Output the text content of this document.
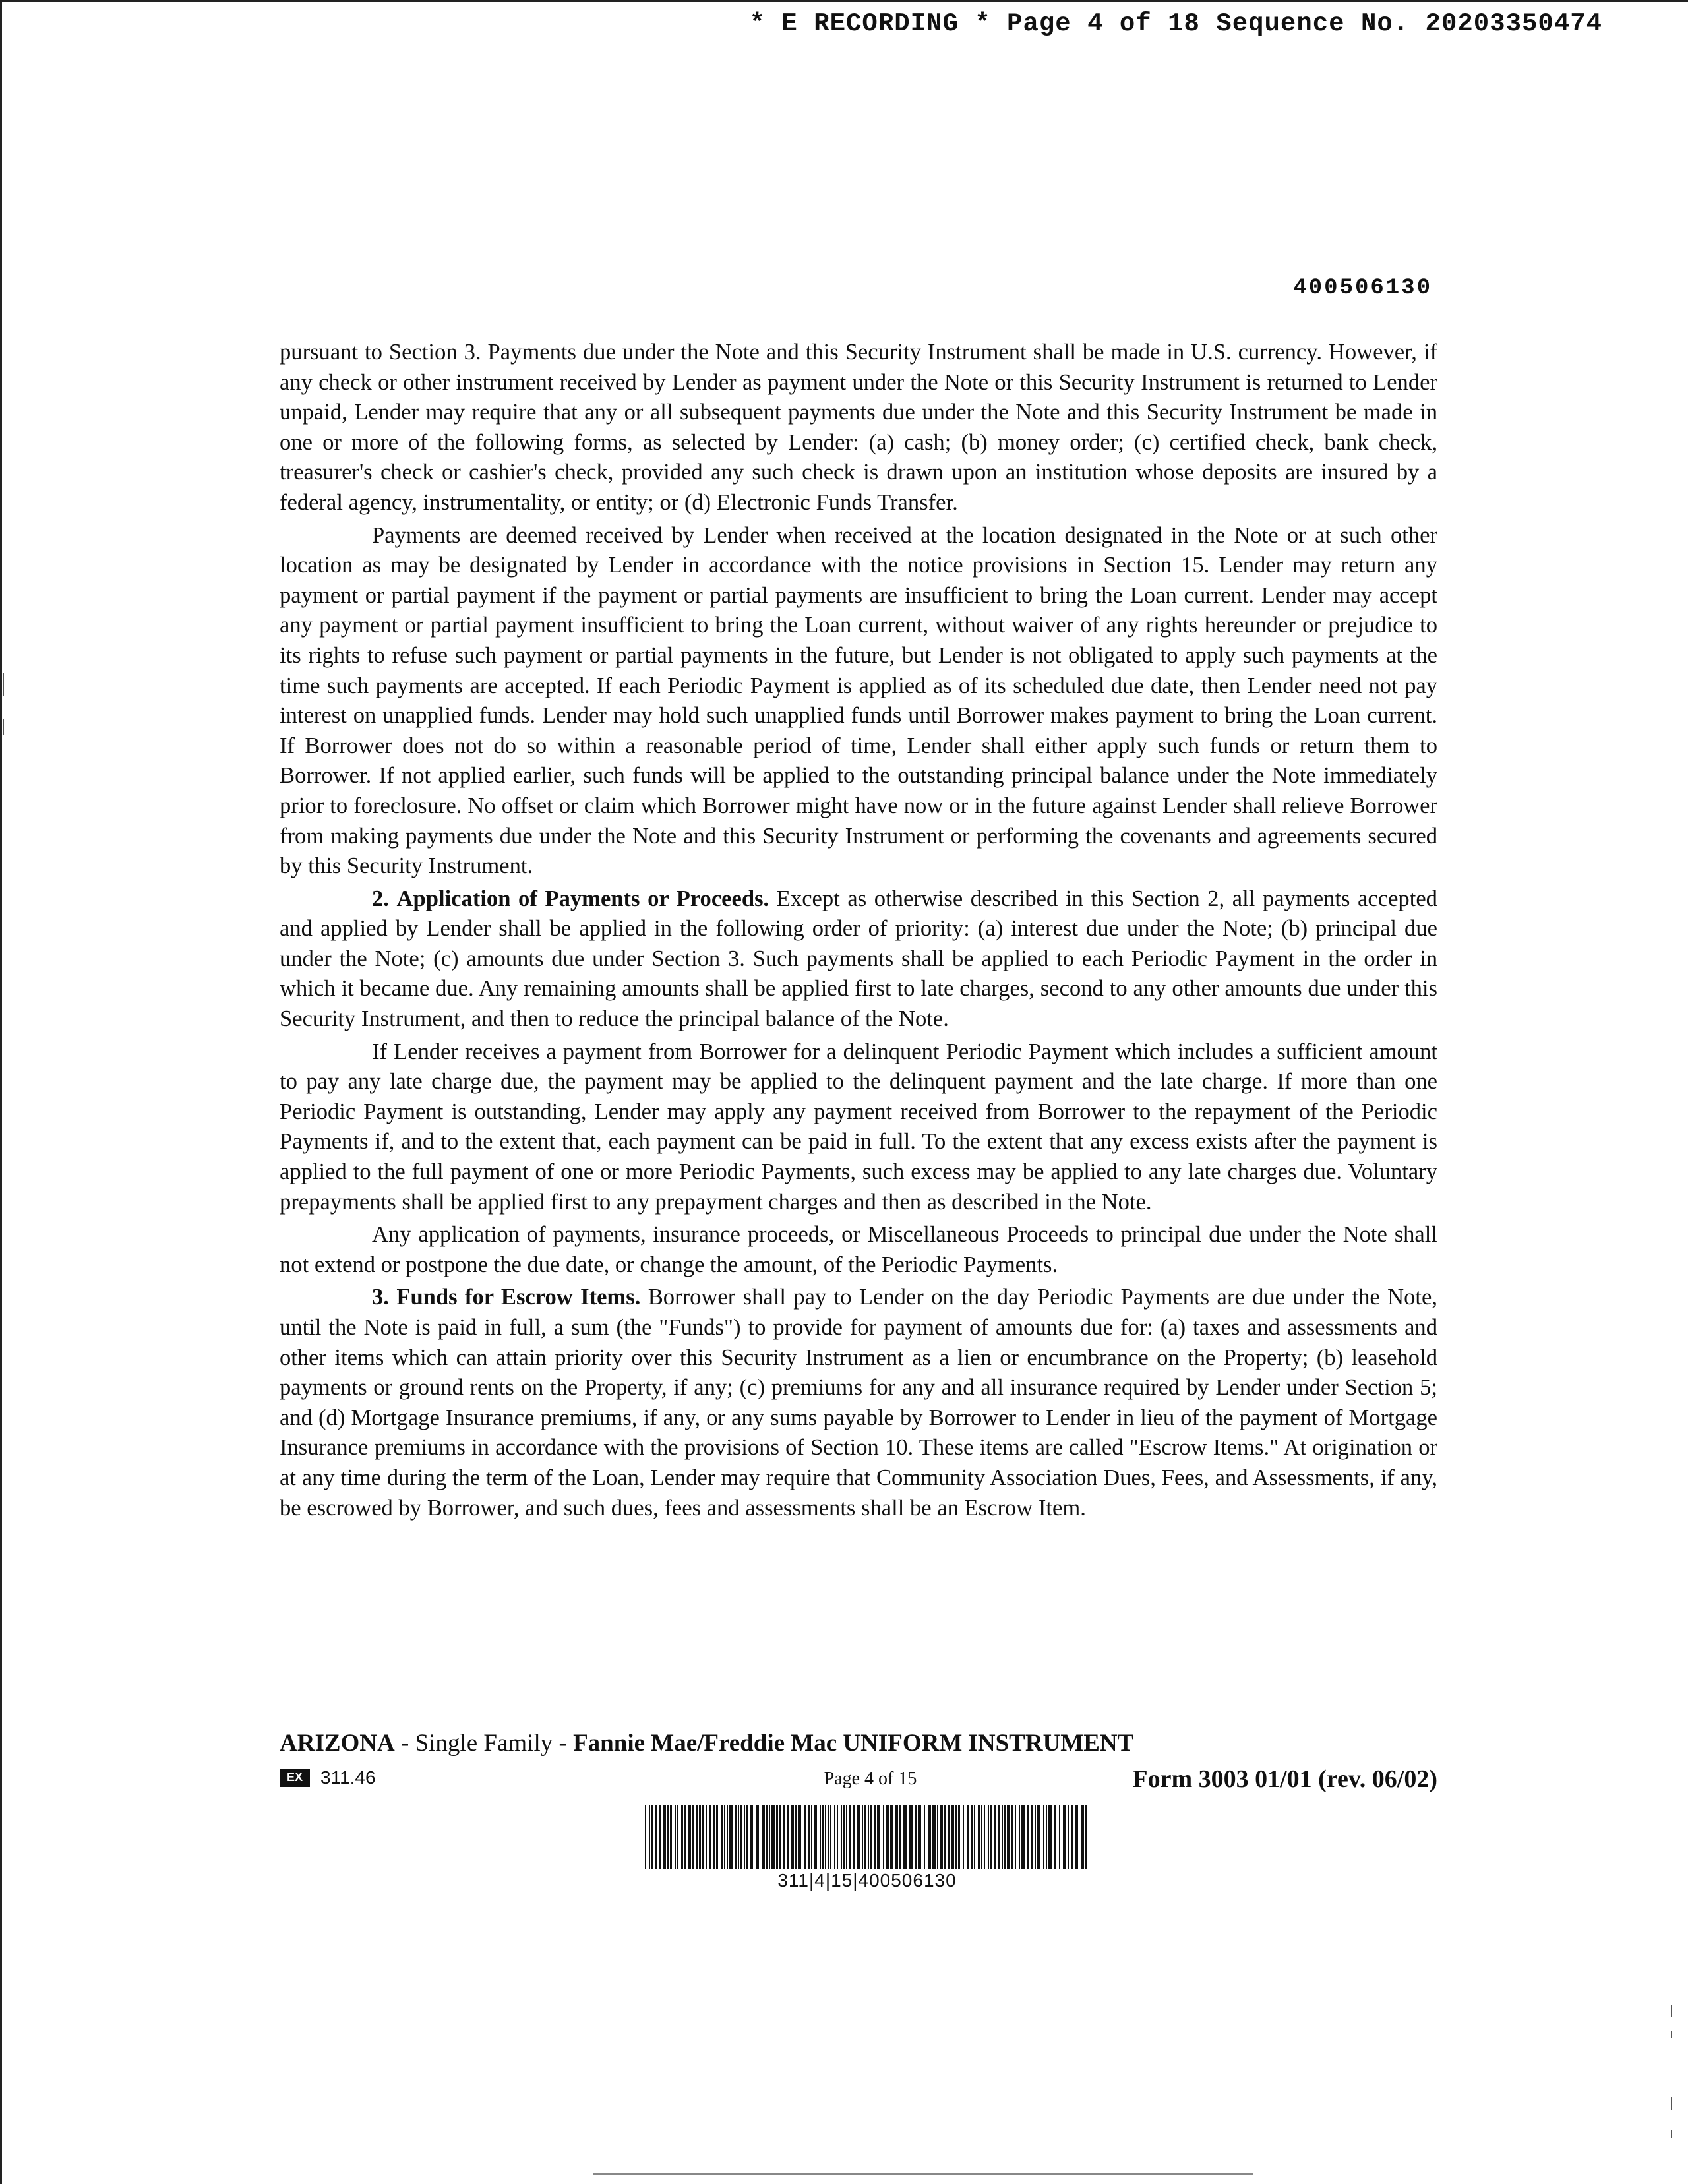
* E RECORDING * Page 4 of 18 Sequence No. 20203350474
400506130

pursuant to Section 3. Payments due under the Note and this Security Instrument shall be made in U.S. currency. However, if any check or other instrument received by Lender as payment under the Note or this Security Instrument is returned to Lender unpaid, Lender may require that any or all subsequent payments due under the Note and this Security Instrument be made in one or more of the following forms, as selected by Lender: (a) cash; (b) money order; (c) certified check, bank check, treasurer's check or cashier's check, provided any such check is drawn upon an institution whose deposits are insured by a federal agency, instrumentality, or entity; or (d) Electronic Funds Transfer.

Payments are deemed received by Lender when received at the location designated in the Note or at such other location as may be designated by Lender in accordance with the notice provisions in Section 15. Lender may return any payment or partial payment if the payment or partial payments are insufficient to bring the Loan current. Lender may accept any payment or partial payment insufficient to bring the Loan current, without waiver of any rights hereunder or prejudice to its rights to refuse such payment or partial payments in the future, but Lender is not obligated to apply such payments at the time such payments are accepted. If each Periodic Payment is applied as of its scheduled due date, then Lender need not pay interest on unapplied funds. Lender may hold such unapplied funds until Borrower makes payment to bring the Loan current. If Borrower does not do so within a reasonable period of time, Lender shall either apply such funds or return them to Borrower. If not applied earlier, such funds will be applied to the outstanding principal balance under the Note immediately prior to foreclosure. No offset or claim which Borrower might have now or in the future against Lender shall relieve Borrower from making payments due under the Note and this Security Instrument or performing the covenants and agreements secured by this Security Instrument.

2. Application of Payments or Proceeds. Except as otherwise described in this Section 2, all payments accepted and applied by Lender shall be applied in the following order of priority: (a) interest due under the Note; (b) principal due under the Note; (c) amounts due under Section 3. Such payments shall be applied to each Periodic Payment in the order in which it became due. Any remaining amounts shall be applied first to late charges, second to any other amounts due under this Security Instrument, and then to reduce the principal balance of the Note.

If Lender receives a payment from Borrower for a delinquent Periodic Payment which includes a sufficient amount to pay any late charge due, the payment may be applied to the delinquent payment and the late charge. If more than one Periodic Payment is outstanding, Lender may apply any payment received from Borrower to the repayment of the Periodic Payments if, and to the extent that, each payment can be paid in full. To the extent that any excess exists after the payment is applied to the full payment of one or more Periodic Payments, such excess may be applied to any late charges due. Voluntary prepayments shall be applied first to any prepayment charges and then as described in the Note.

Any application of payments, insurance proceeds, or Miscellaneous Proceeds to principal due under the Note shall not extend or postpone the due date, or change the amount, of the Periodic Payments.

3. Funds for Escrow Items. Borrower shall pay to Lender on the day Periodic Payments are due under the Note, until the Note is paid in full, a sum (the "Funds") to provide for payment of amounts due for: (a) taxes and assessments and other items which can attain priority over this Security Instrument as a lien or encumbrance on the Property; (b) leasehold payments or ground rents on the Property, if any; (c) premiums for any and all insurance required by Lender under Section 5; and (d) Mortgage Insurance premiums, if any, or any sums payable by Borrower to Lender in lieu of the payment of Mortgage Insurance premiums in accordance with the provisions of Section 10. These items are called "Escrow Items." At origination or at any time during the term of the Loan, Lender may require that Community Association Dues, Fees, and Assessments, if any, be escrowed by Borrower, and such dues, fees and assessments shall be an Escrow Item.

ARIZONA - Single Family - Fannie Mae/Freddie Mac UNIFORM INSTRUMENT
EX 311.46	Page 4 of 15	Form 3003 01/01 (rev. 06/02)
311|4|15|400506130
